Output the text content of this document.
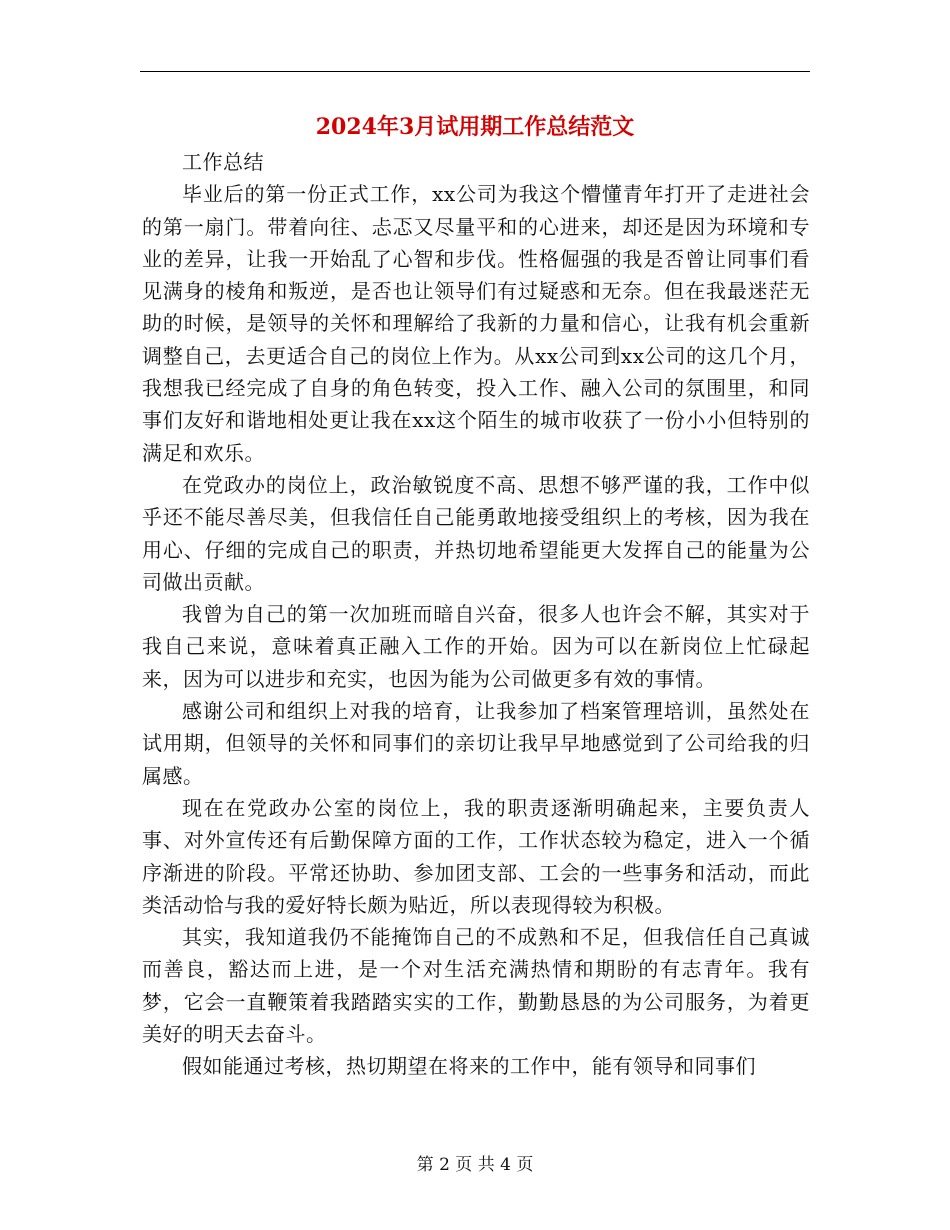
2024年3月试用期工作总结范文

工作总结

毕业后的第一份正式工作，xx公司为我这个懵懂青年打开了走进社会的第一扇门。带着向往、忐忑又尽量平和的心进来，却还是因为环境和专业的差异，让我一开始乱了心智和步伐。性格倔强的我是否曾让同事们看见满身的棱角和叛逆，是否也让领导们有过疑惑和无奈。但在我最迷茫无助的时候，是领导的关怀和理解给了我新的力量和信心，让我有机会重新调整自己，去更适合自己的岗位上作为。从xx公司到xx公司的这几个月，我想我已经完成了自身的角色转变，投入工作、融入公司的氛围里，和同事们友好和谐地相处更让我在xx这个陌生的城市收获了一份小小但特别的满足和欢乐。

在党政办的岗位上，政治敏锐度不高、思想不够严谨的我，工作中似乎还不能尽善尽美，但我信任自己能勇敢地接受组织上的考核，因为我在用心、仔细的完成自己的职责，并热切地希望能更大发挥自己的能量为公司做出贡献。

我曾为自己的第一次加班而暗自兴奋，很多人也许会不解，其实对于我自己来说，意味着真正融入工作的开始。因为可以在新岗位上忙碌起来，因为可以进步和充实，也因为能为公司做更多有效的事情。

感谢公司和组织上对我的培育，让我参加了档案管理培训，虽然处在试用期，但领导的关怀和同事们的亲切让我早早地感觉到了公司给我的归属感。

现在在党政办公室的岗位上，我的职责逐渐明确起来，主要负责人事、对外宣传还有后勤保障方面的工作，工作状态较为稳定，进入一个循序渐进的阶段。平常还协助、参加团支部、工会的一些事务和活动，而此类活动恰与我的爱好特长颇为贴近，所以表现得较为积极。

其实，我知道我仍不能掩饰自己的不成熟和不足，但我信任自己真诚而善良，豁达而上进，是一个对生活充满热情和期盼的有志青年。我有梦，它会一直鞭策着我踏踏实实的工作，勤勤恳恳的为公司服务，为着更美好的明天去奋斗。

假如能通过考核，热切期望在将来的工作中，能有领导和同事们

第 2 页 共 4 页
